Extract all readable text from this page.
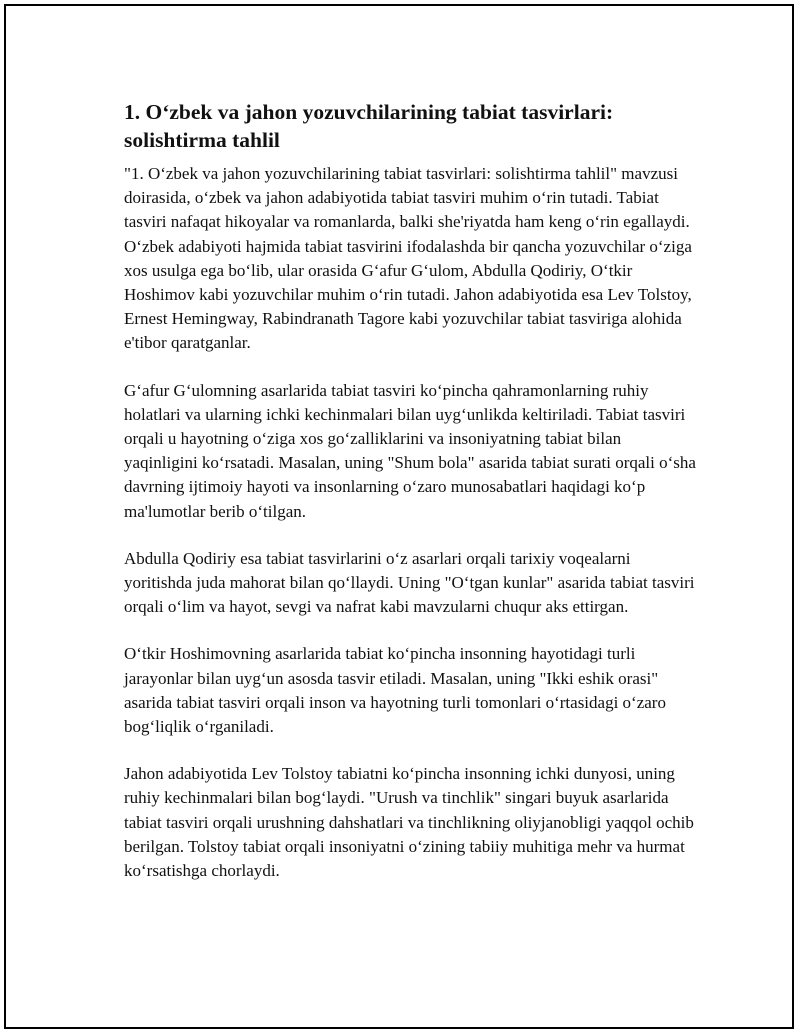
1. O‘zbek va jahon yozuvchilarining tabiat tasvirlari: solishtirma tahlil

"1. O‘zbek va jahon yozuvchilarining tabiat tasvirlari: solishtirma tahlil" mavzusi doirasida, o‘zbek va jahon adabiyotida tabiat tasviri muhim o‘rin tutadi. Tabiat tasviri nafaqat hikoyalar va romanlarda, balki she'riyatda ham keng o‘rin egallaydi. O‘zbek adabiyoti hajmida tabiat tasvirini ifodalashda bir qancha yozuvchilar o‘ziga xos usulga ega bo‘lib, ular orasida G‘afur G‘ulom, Abdulla Qodiriy, O‘tkir Hoshimov kabi yozuvchilar muhim o‘rin tutadi. Jahon adabiyotida esa Lev Tolstoy, Ernest Hemingway, Rabindranath Tagore kabi yozuvchilar tabiat tasviriga alohida e'tibor qaratganlar.

G‘afur G‘ulomning asarlarida tabiat tasviri ko‘pincha qahramonlarning ruhiy holatlari va ularning ichki kechinmalari bilan uyg‘unlikda keltiriladi. Tabiat tasviri orqali u hayotning o‘ziga xos go‘zalliklarini va insoniyatning tabiat bilan yaqinligini ko‘rsatadi. Masalan, uning "Shum bola" asarida tabiat surati orqali o‘sha davrning ijtimoiy hayoti va insonlarning o‘zaro munosabatlari haqidagi ko‘p ma'lumotlar berib o‘tilgan.

Abdulla Qodiriy esa tabiat tasvirlarini o‘z asarlari orqali tarixiy voqealarni yoritishda juda mahorat bilan qo‘llaydi. Uning "O‘tgan kunlar" asarida tabiat tasviri orqali o‘lim va hayot, sevgi va nafrat kabi mavzularni chuqur aks ettirgan.

O‘tkir Hoshimovning asarlarida tabiat ko‘pincha insonning hayotidagi turli jarayonlar bilan uyg‘un asosda tasvir etiladi. Masalan, uning "Ikki eshik orasi" asarida tabiat tasviri orqali inson va hayotning turli tomonlari o‘rtasidagi o‘zaro bog‘liqlik o‘rganiladi.

Jahon adabiyotida Lev Tolstoy tabiatni ko‘pincha insonning ichki dunyosi, uning ruhiy kechinmalari bilan bog‘laydi. "Urush va tinchlik" singari buyuk asarlarida tabiat tasviri orqali urushning dahshatlari va tinchlikning oliyjanobligi yaqqol ochib berilgan. Tolstoy tabiat orqali insoniyatni o‘zining tabiiy muhitiga mehr va hurmat ko‘rsatishga chorlaydi.
